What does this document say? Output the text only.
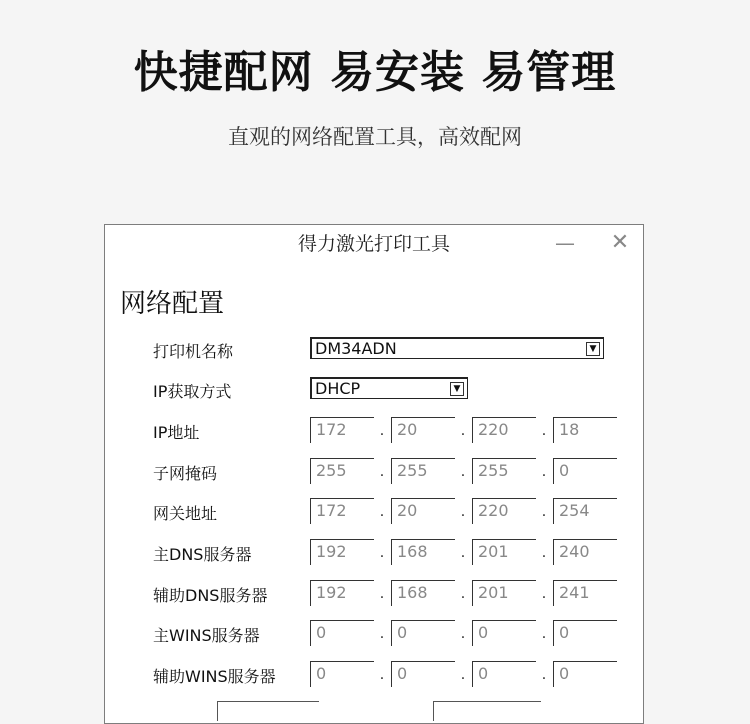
快捷配网 易安装 易管理
直观的网络配置工具，高效配网
得力激光打印工具	— ✕
网络配置
打印机名称	DM34ADN	▼
IP获取方式	DHCP	▼
IP地址	172	. 20	. 220	. 18
子网掩码	255	. 255	. 255	. 0
网关地址	172	. 20	. 220	. 254
主DNS服务器	192	. 168	. 201	. 240
辅助DNS服务器	192	. 168	. 201	. 241
主WINS服务器	0	. 0	. 0	. 0
辅助WINS服务器	0	. 0	. 0	. 0
